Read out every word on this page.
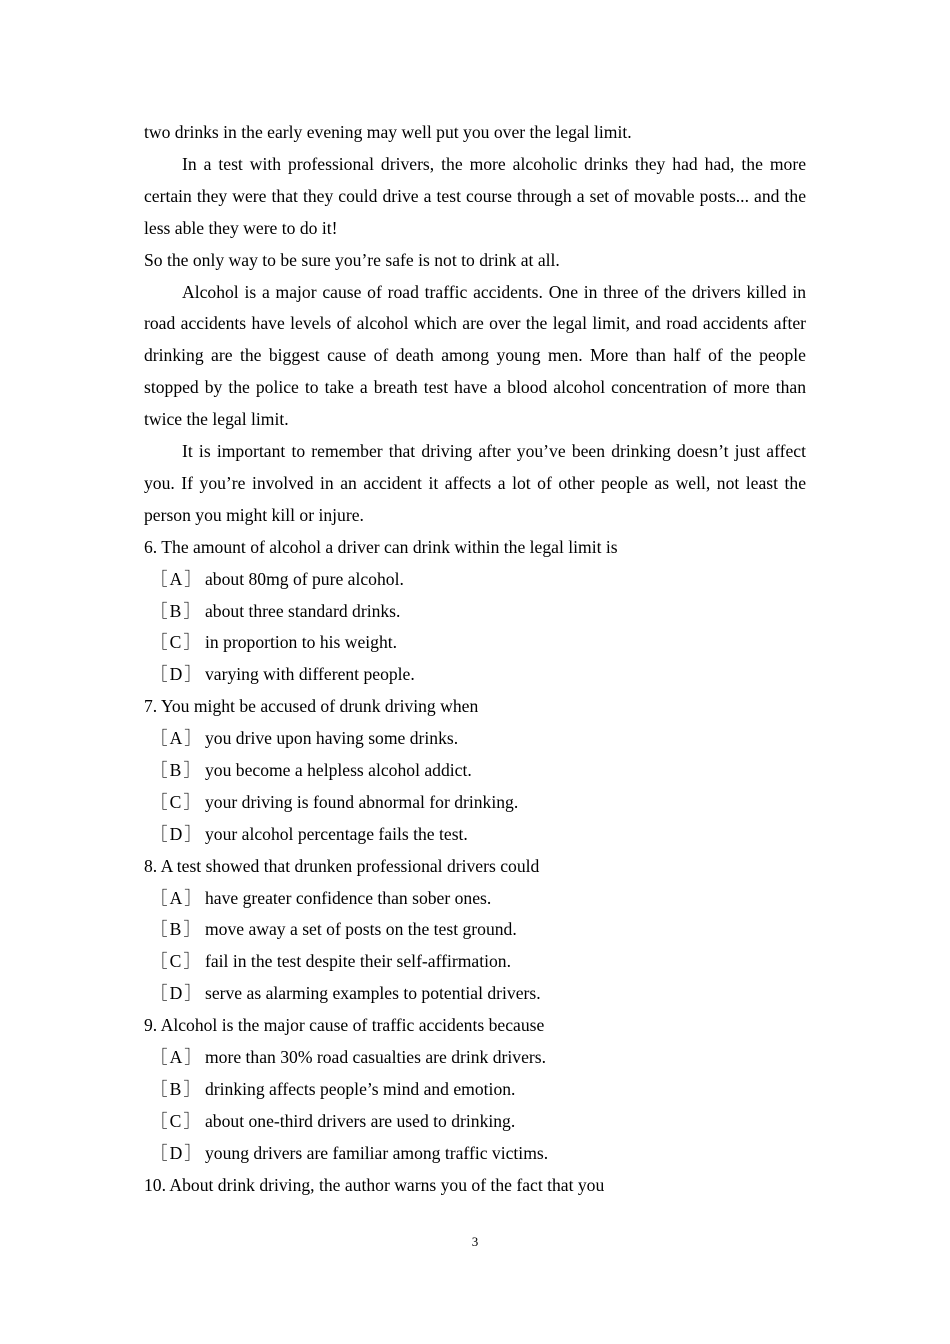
two drinks in the early evening may well put you over the legal limit.
In a test with professional drivers, the more alcoholic drinks they had had, the more certain they were that they could drive a test course through a set of movable posts... and the less able they were to do it!
So the only way to be sure you’re safe is not to drink at all.
Alcohol is a major cause of road traffic accidents. One in three of the drivers killed in road accidents have levels of alcohol which are over the legal limit, and road accidents after drinking are the biggest cause of death among young men. More than half of the people stopped by the police to take a breath test have a blood alcohol concentration of more than twice the legal limit.
It is important to remember that driving after you’ve been drinking doesn’t just affect you. If you’re involved in an accident it affects a lot of other people as well, not least the person you might kill or injure.
6. The amount of alcohol a driver can drink within the legal limit is
［A］ about 80mg of pure alcohol.
［B］ about three standard drinks.
［C］ in proportion to his weight.
［D］ varying with different people.
7. You might be accused of drunk driving when
［A］ you drive upon having some drinks.
［B］ you become a helpless alcohol addict.
［C］ your driving is found abnormal for drinking.
［D］ your alcohol percentage fails the test.
8. A test showed that drunken professional drivers could
［A］ have greater confidence than sober ones.
［B］ move away a set of posts on the test ground.
［C］ fail in the test despite their self-affirmation.
［D］ serve as alarming examples to potential drivers.
9. Alcohol is the major cause of traffic accidents because
［A］ more than 30% road casualties are drink drivers.
［B］ drinking affects people’s mind and emotion.
［C］ about one-third drivers are used to drinking.
［D］ young drivers are familiar among traffic victims.
10. About drink driving, the author warns you of the fact that you
3
